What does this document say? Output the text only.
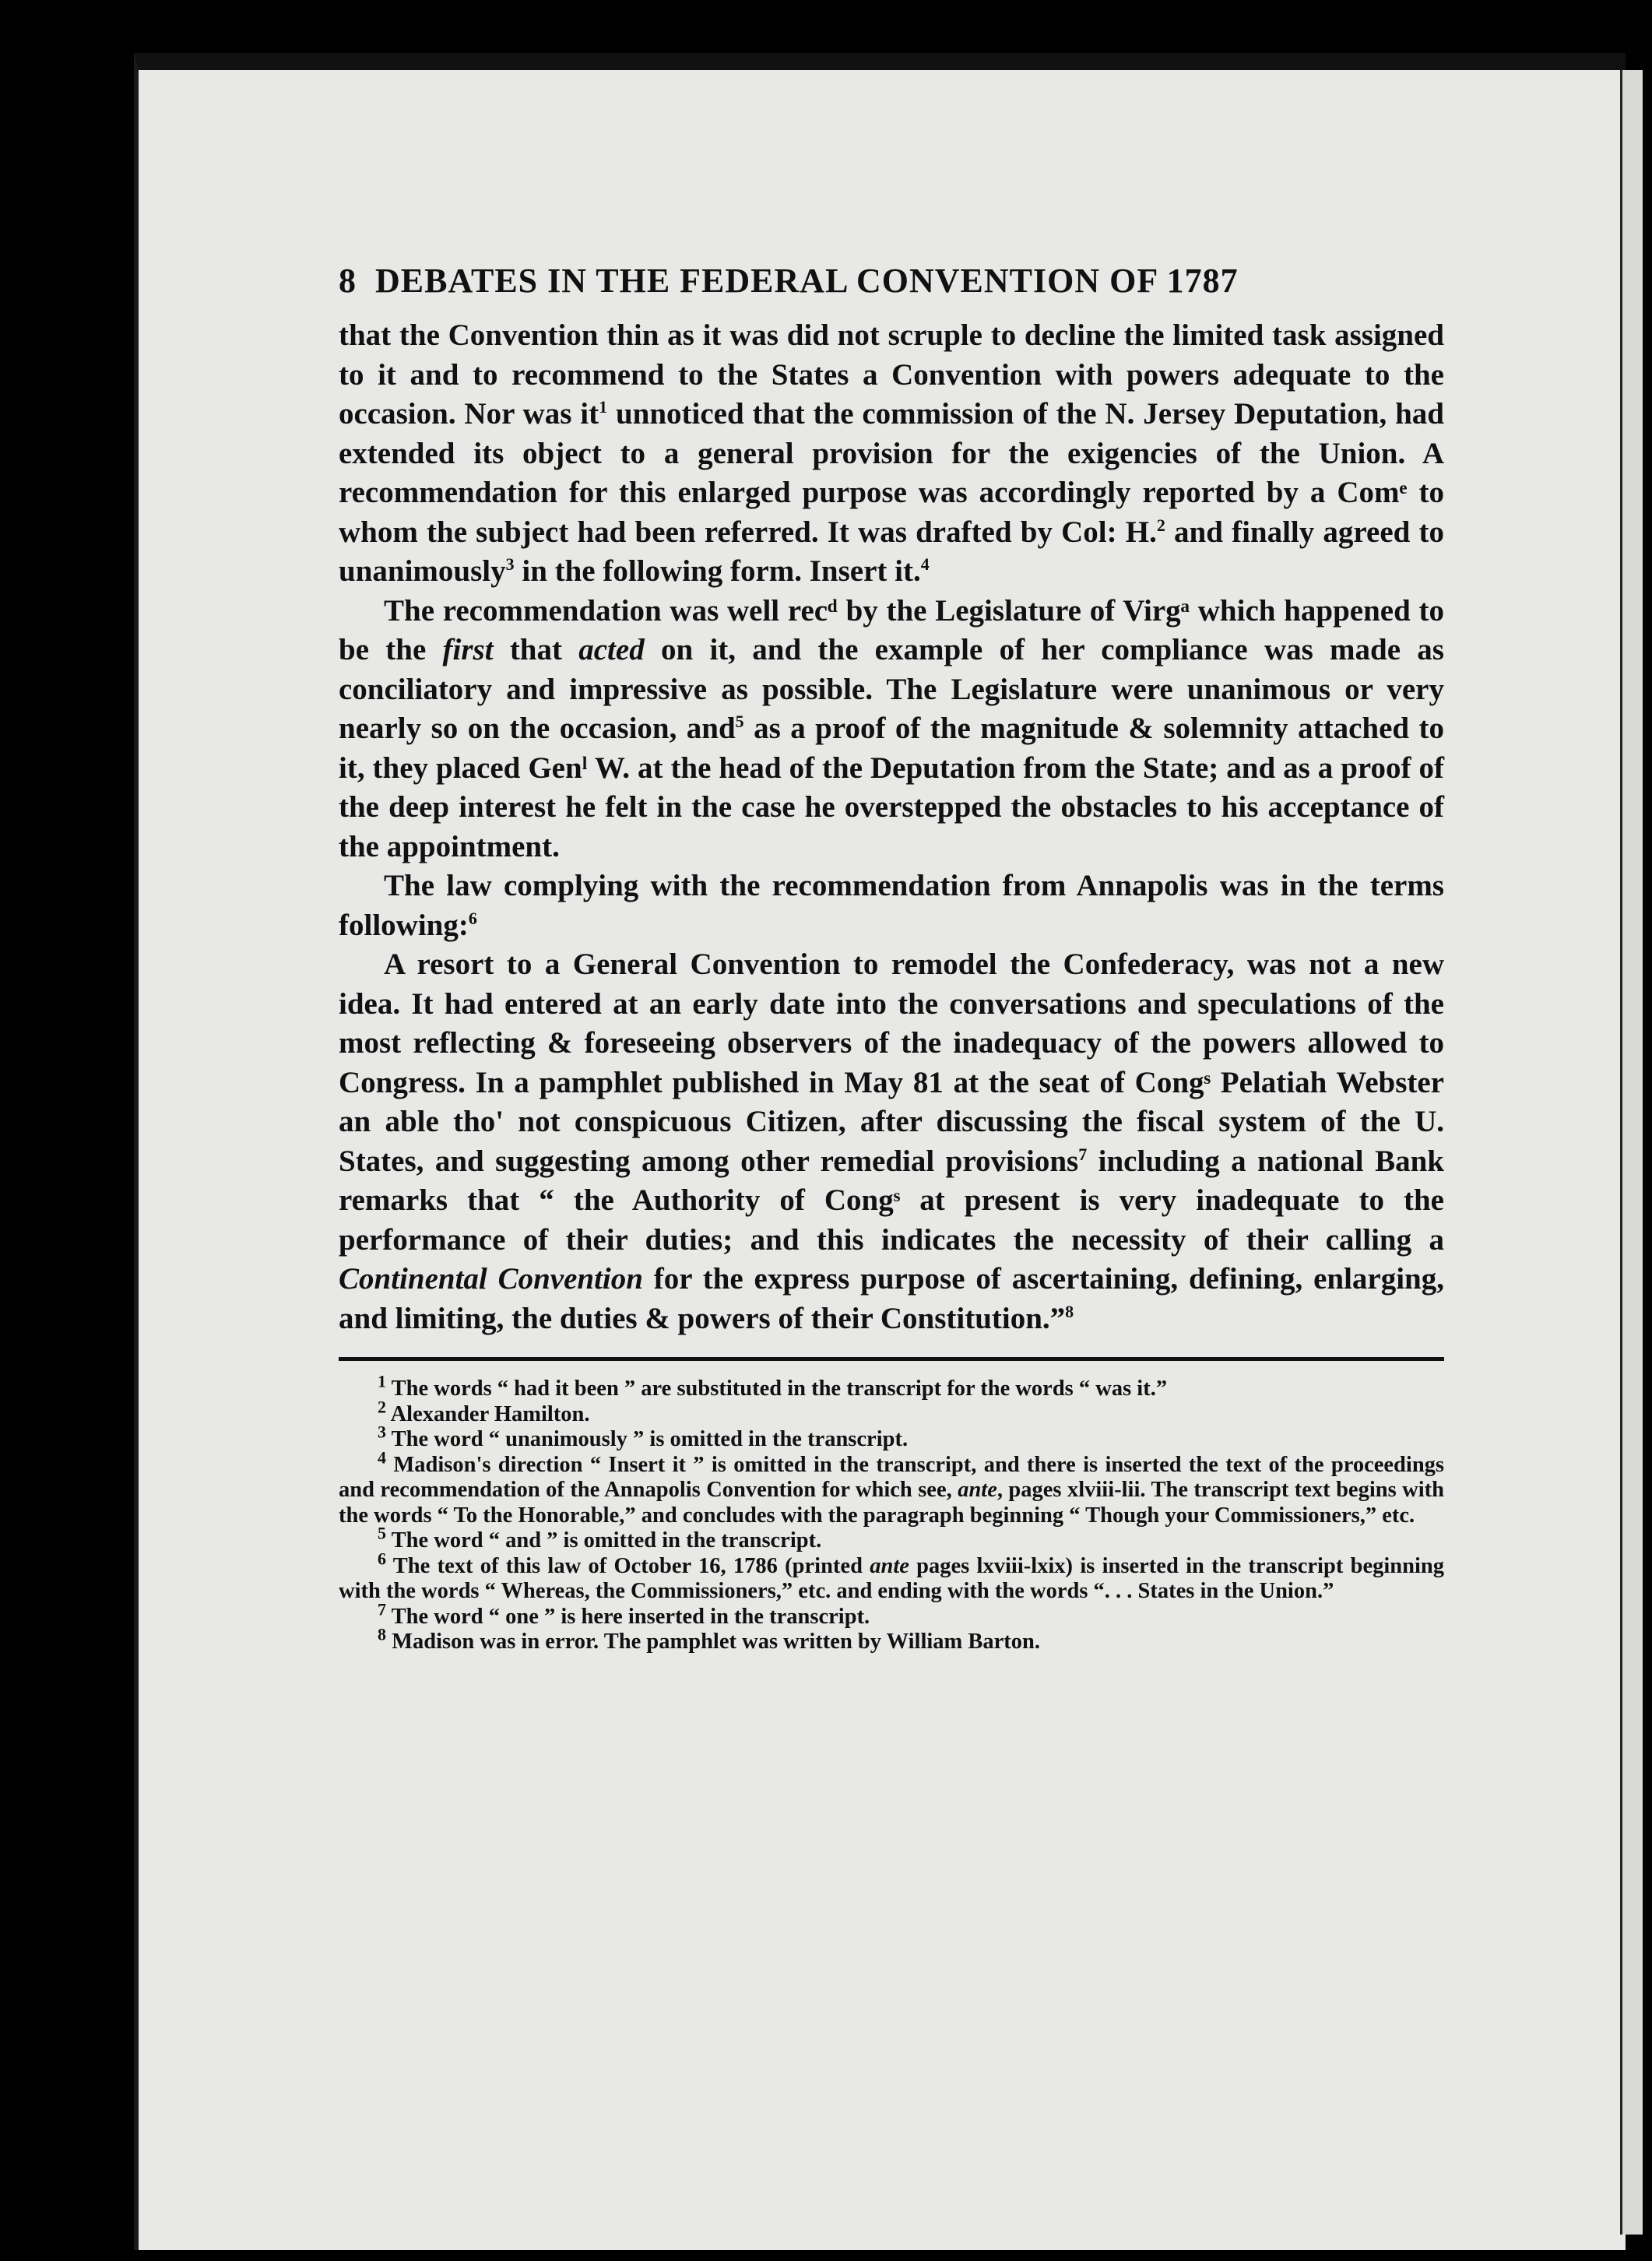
8 DEBATES IN THE FEDERAL CONVENTION OF 1787

that the Convention thin as it was did not scruple to decline the limited task assigned to it and to recommend to the States a Convention with powers adequate to the occasion. Nor was $it^1$ unnoticed that the commission of the N. Jersey Deputation, had extended its object to a general provision for the exigencies of the Union. A recommendation for this enlarged purpose was accordingly reported by a Comᵉ to whom the subject had been referred. It was drafted by Col: H.$^2$ and finally agreed to unanimously$^3$ in the following form. Insert it.$^4$

The recommendation was well recᵈ by the Legislature of Virgᵃ which happened to be the first that acted on it, and the example of her compliance was made as conciliatory and impressive as possible. The Legislature were unanimous or very nearly so on the occasion, and$^5$ as a proof of the magnitude & solemnity attached to it, they placed Genˡ W. at the head of the Deputation from the State; and as a proof of the deep interest he felt in the case he overstepped the obstacles to his acceptance of the appointment.

The law complying with the recommendation from Annapolis was in the terms following:$^6$

A resort to a General Convention to remodel the Confederacy, was not a new idea. It had entered at an early date into the conversations and speculations of the most reflecting & foreseeing observers of the inadequacy of the powers allowed to Congress. In a pamphlet published in May 81 at the seat of Congˢ Pelatiah Webster an able tho' not conspicuous Citizen, after discussing the fiscal system of the U. States, and suggesting among other remedial provisions$^7$ including a national Bank remarks that “ the Authority of Congˢ at present is very inadequate to the performance of their duties; and this indicates the necessity of their calling a Continental Convention for the express purpose of ascertaining, defining, enlarging, and limiting, the duties & powers of their Constitution.”$^8$

$^1$ The words “ had it been ” are substituted in the transcript for the words “ was it.”

$^2$ Alexander Hamilton.

$^3$ The word “ unanimously ” is omitted in the transcript.

$^4$ Madison's direction “ Insert it ” is omitted in the transcript, and there is inserted the text of the proceedings and recommendation of the Annapolis Convention for which see, ante, pages xlviii-lii. The transcript text begins with the words “ To the Honorable,” and concludes with the paragraph beginning “ Though your Commissioners,” etc.

$^5$ The word “ and ” is omitted in the transcript.

$^6$ The text of this law of October 16, 1786 (printed ante pages lxviii-lxix) is inserted in the transcript beginning with the words “ Whereas, the Commissioners,” etc. and ending with the words “. . . States in the Union.”

$^7$ The word “ one ” is here inserted in the transcript.

$^8$ Madison was in error. The pamphlet was written by William Barton.
